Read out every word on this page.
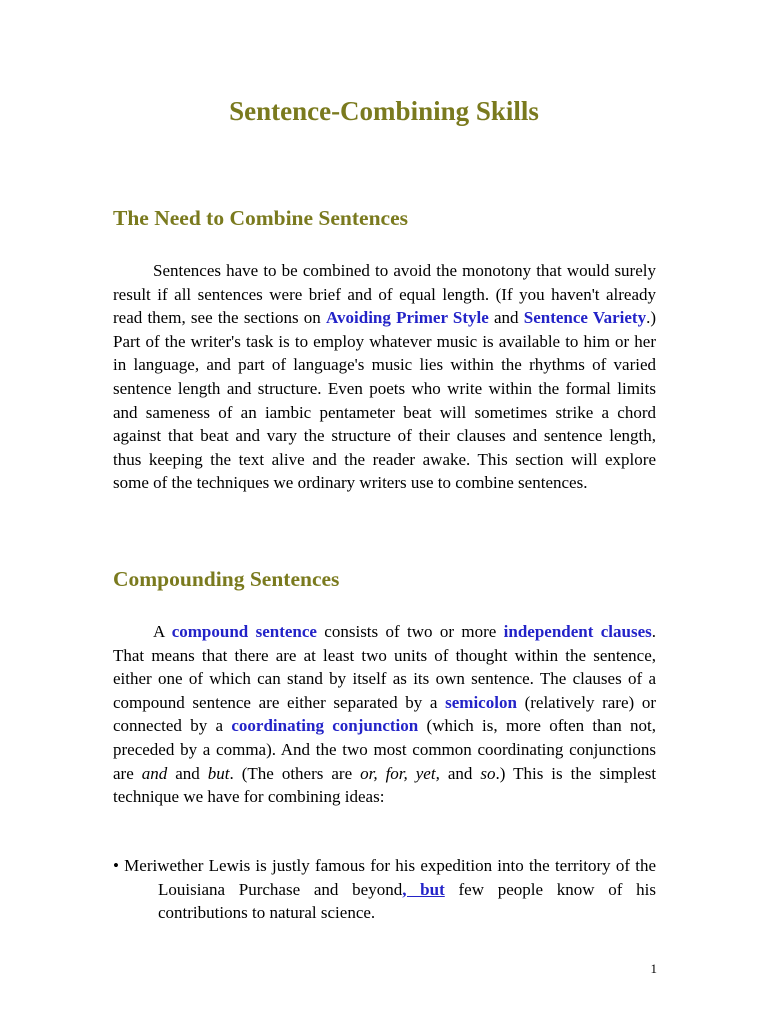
Sentence-Combining Skills
The Need to Combine Sentences

Sentences have to be combined to avoid the monotony that would surely result if all sentences were brief and of equal length. (If you haven't already read them, see the sections on Avoiding Primer Style and Sentence Variety.) Part of the writer's task is to employ whatever music is available to him or her in language, and part of language's music lies within the rhythms of varied sentence length and structure. Even poets who write within the formal limits and sameness of an iambic pentameter beat will sometimes strike a chord against that beat and vary the structure of their clauses and sentence length, thus keeping the text alive and the reader awake. This section will explore some of the techniques we ordinary writers use to combine sentences.

Compounding Sentences

A compound sentence consists of two or more independent clauses. That means that there are at least two units of thought within the sentence, either one of which can stand by itself as its own sentence. The clauses of a compound sentence are either separated by a semicolon (relatively rare) or connected by a coordinating conjunction (which is, more often than not, preceded by a comma). And the two most common coordinating conjunctions are and and but. (The others are or, for, yet, and so.) This is the simplest technique we have for combining ideas:

• Meriwether Lewis is justly famous for his expedition into the territory of the Louisiana Purchase and beyond, but few people know of his contributions to natural science.

1
